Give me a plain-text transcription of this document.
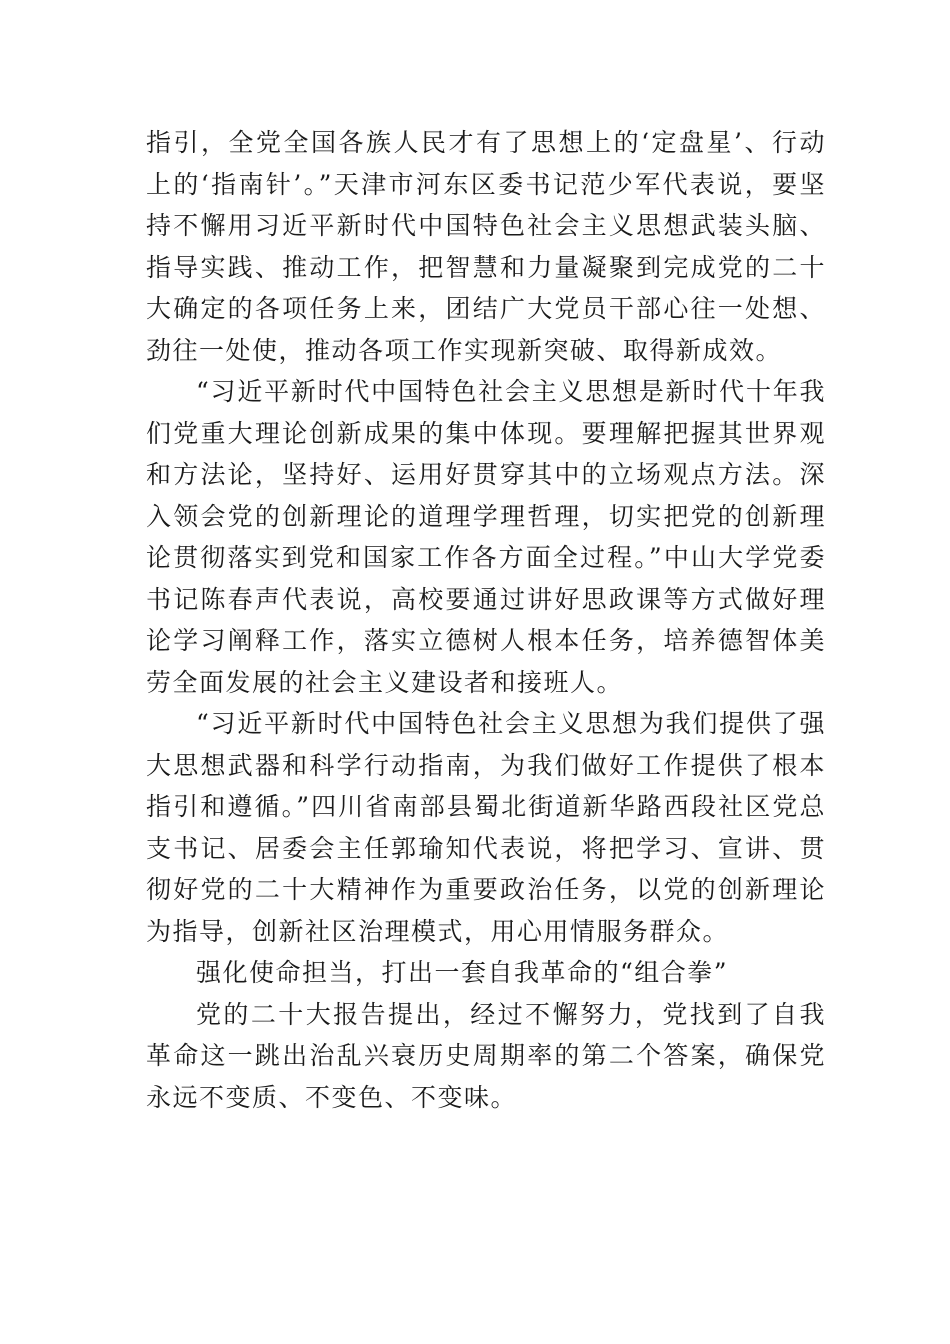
指引，全党全国各族人民才有了思想上的‘定盘星’、行动上的‘指南针’。”天津市河东区委书记范少军代表说，要坚持不懈用习近平新时代中国特色社会主义思想武装头脑、指导实践、推动工作，把智慧和力量凝聚到完成党的二十大确定的各项任务上来，团结广大党员干部心往一处想、劲往一处使，推动各项工作实现新突破、取得新成效。

“习近平新时代中国特色社会主义思想是新时代十年我们党重大理论创新成果的集中体现。要理解把握其世界观和方法论，坚持好、运用好贯穿其中的立场观点方法。深入领会党的创新理论的道理学理哲理，切实把党的创新理论贯彻落实到党和国家工作各方面全过程。”中山大学党委书记陈春声代表说，高校要通过讲好思政课等方式做好理论学习阐释工作，落实立德树人根本任务，培养德智体美劳全面发展的社会主义建设者和接班人。

“习近平新时代中国特色社会主义思想为我们提供了强大思想武器和科学行动指南，为我们做好工作提供了根本指引和遵循。”四川省南部县蜀北街道新华路西段社区党总支书记、居委会主任郭瑜知代表说，将把学习、宣讲、贯彻好党的二十大精神作为重要政治任务，以党的创新理论为指导，创新社区治理模式，用心用情服务群众。

强化使命担当，打出一套自我革命的“组合拳”

党的二十大报告提出，经过不懈努力，党找到了自我革命这一跳出治乱兴衰历史周期率的第二个答案，确保党永远不变质、不变色、不变味。
